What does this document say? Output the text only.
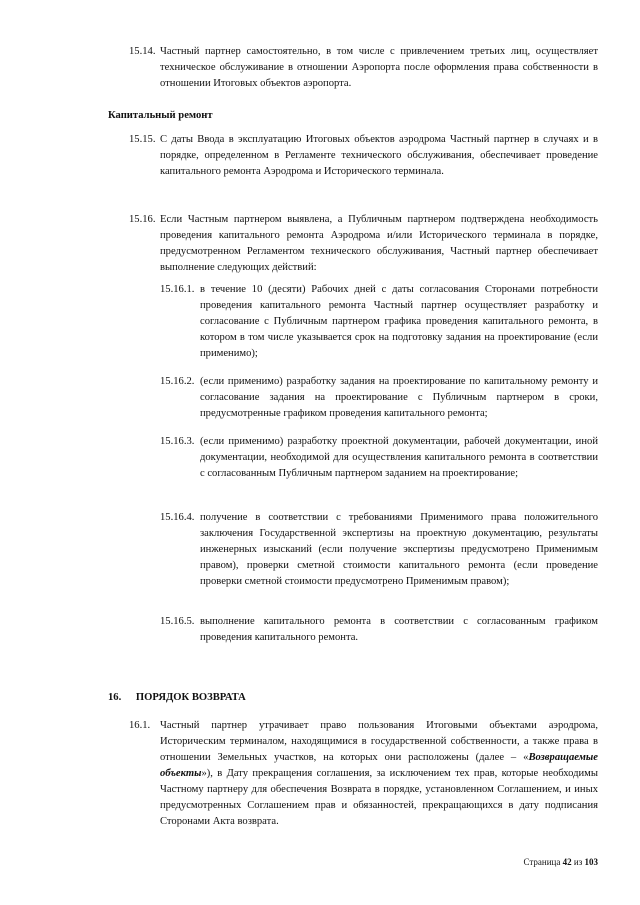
15.14. Частный партнер самостоятельно, в том числе с привлечением третьих лиц, осуществляет техническое обслуживание в отношении Аэропорта после оформления права собственности в отношении Итоговых объектов аэропорта.
Капитальный ремонт
15.15. С даты Ввода в эксплуатацию Итоговых объектов аэродрома Частный партнер в случаях и в порядке, определенном в Регламенте технического обслуживания, обеспечивает проведение капитального ремонта Аэродрома и Исторического терминала.
15.16. Если Частным партнером выявлена, а Публичным партнером подтверждена необходимость проведения капитального ремонта Аэродрома и/или Исторического терминала в порядке, предусмотренном Регламентом технического обслуживания, Частный партнер обеспечивает выполнение следующих действий:
15.16.1. в течение 10 (десяти) Рабочих дней с даты согласования Сторонами потребности проведения капитального ремонта Частный партнер осуществляет разработку и согласование с Публичным партнером графика проведения капитального ремонта, в котором в том числе указывается срок на подготовку задания на проектирование (если применимо);
15.16.2. (если применимо) разработку задания на проектирование по капитальному ремонту и согласование задания на проектирование с Публичным партнером в сроки, предусмотренные графиком проведения капитального ремонта;
15.16.3. (если применимо) разработку проектной документации, рабочей документации, иной документации, необходимой для осуществления капитального ремонта в соответствии с согласованным Публичным партнером заданием на проектирование;
15.16.4. получение в соответствии с требованиями Применимого права положительного заключения Государственной экспертизы на проектную документацию, результаты инженерных изысканий (если получение экспертизы предусмотрено Применимым правом), проверки сметной стоимости капитального ремонта (если проведение проверки сметной стоимости предусмотрено Применимым правом);
15.16.5. выполнение капитального ремонта в соответствии с согласованным графиком проведения капитального ремонта.
16. ПОРЯДОК ВОЗВРАТА
16.1. Частный партнер утрачивает право пользования Итоговыми объектами аэродрома, Историческим терминалом, находящимися в государственной собственности, а также права в отношении Земельных участков, на которых они расположены (далее – «Возвращаемые объекты»), в Дату прекращения соглашения, за исключением тех прав, которые необходимы Частному партнеру для обеспечения Возврата в порядке, установленном Соглашением, и иных предусмотренных Соглашением прав и обязанностей, прекращающихся в дату подписания Сторонами Акта возврата.
Страница 42 из 103
